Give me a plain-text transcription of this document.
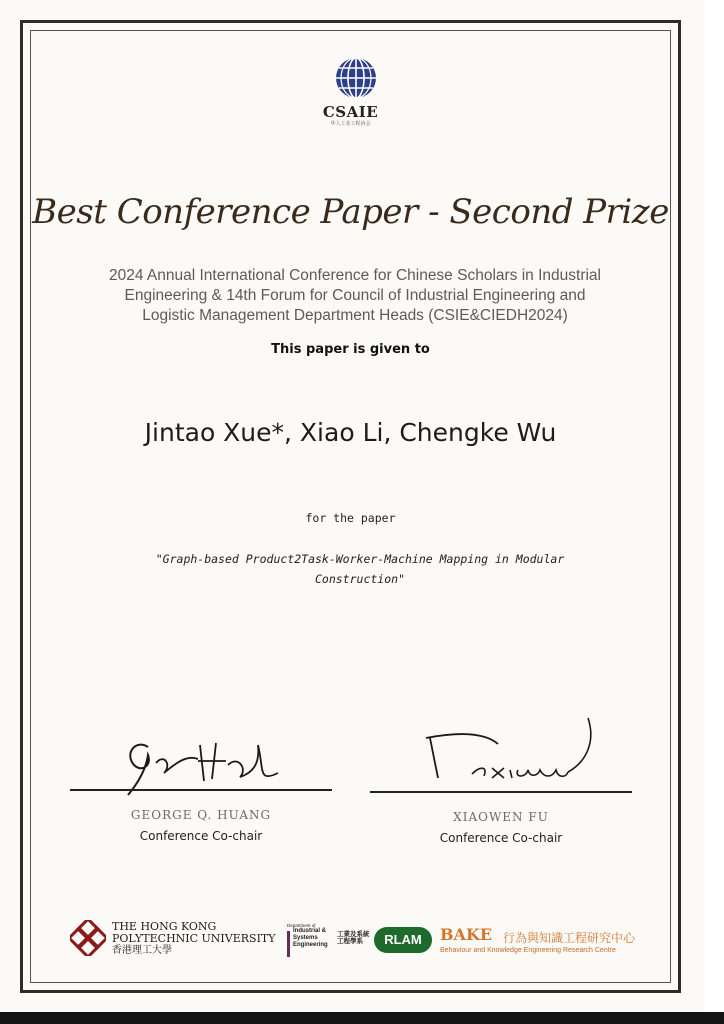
CSAIE
华人工业工程协会
Best Conference Paper - Second Prize
2024 Annual International Conference for Chinese Scholars in Industrial
Engineering & 14th Forum for Council of Industrial Engineering and
Logistic Management Department Heads (CSIE&CIEDH2024)
This paper is given to
Jintao Xue*, Xiao Li, Chengke Wu
for the paper
"Graph-based Product2Task-Worker-Machine Mapping in Modular
Construction"
GEORGE Q. HUANG
Conference Co-chair
XIAOWEN FU
Conference Co-chair
THE HONG KONG
POLYTECHNIC UNIVERSITY
香港理工大學
Department of
Industrial & Systems Engineering
工業及系統工程學系	RLAM	BAKE 行為與知識工程研究中心
Behaviour and Knowledge Engineering Research Centre
